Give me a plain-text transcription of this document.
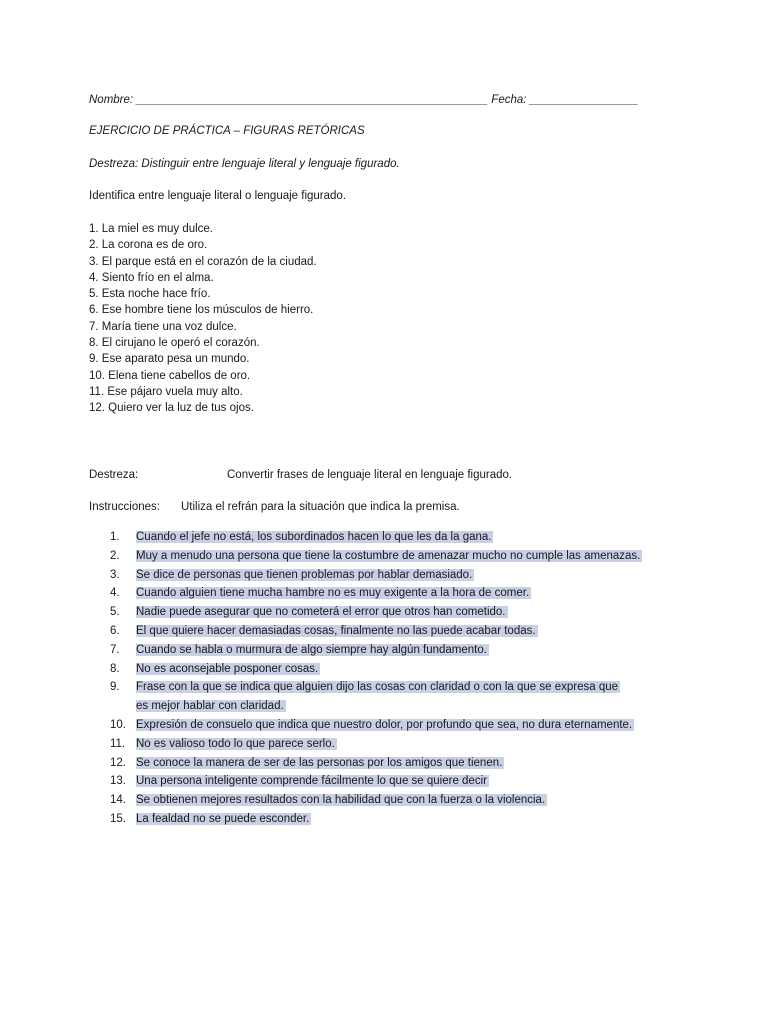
Nombre: _______________________________________________________ Fecha: _________________
EJERCICIO DE PRÁCTICA – FIGURAS RETÓRICAS
Destreza: Distinguir entre lenguaje literal y lenguaje figurado.
Identifica entre lenguaje literal o lenguaje figurado.
1. La miel es muy dulce.
2. La corona es de oro.
3. El parque está en el corazón de la ciudad.
4. Siento frío en el alma.
5. Esta noche hace frío.
6. Ese hombre tiene los músculos de hierro.
7. María tiene una voz dulce.
8. El cirujano le operó el corazón.
9. Ese aparato pesa un mundo.
10. Elena tiene cabellos de oro.
11. Ese pájaro vuela muy alto.
12. Quiero ver la luz de tus ojos.
Destreza:	Convertir frases de lenguaje literal en lenguaje figurado.
Instrucciones: Utiliza el refrán para la situación que indica la premisa.
1.	Cuando el jefe no está, los subordinados hacen lo que les da la gana.
2.	Muy a menudo una persona que tiene la costumbre de amenazar mucho no cumple las amenazas.
3.	Se dice de personas que tienen problemas por hablar demasiado.
4.	Cuando alguien tiene mucha hambre no es muy exigente a la hora de comer.
5.	Nadie puede asegurar que no cometerá el error que otros han cometido.
6.	El que quiere hacer demasiadas cosas, finalmente no las puede acabar todas.
7.	Cuando se habla o murmura de algo siempre hay algún fundamento.
8.	No es aconsejable posponer cosas.
9.	Frase con la que se indica que alguien dijo las cosas con claridad o con la que se expresa que es mejor hablar con claridad.
10. Expresión de consuelo que indica que nuestro dolor, por profundo que sea, no dura eternamente.
11. No es valioso todo lo que parece serlo.
12. Se conoce la manera de ser de las personas por los amigos que tienen.
13. Una persona inteligente comprende fácilmente lo que se quiere decir
14. Se obtienen mejores resultados con la habilidad que con la fuerza o la violencia.
15. La fealdad no se puede esconder.
